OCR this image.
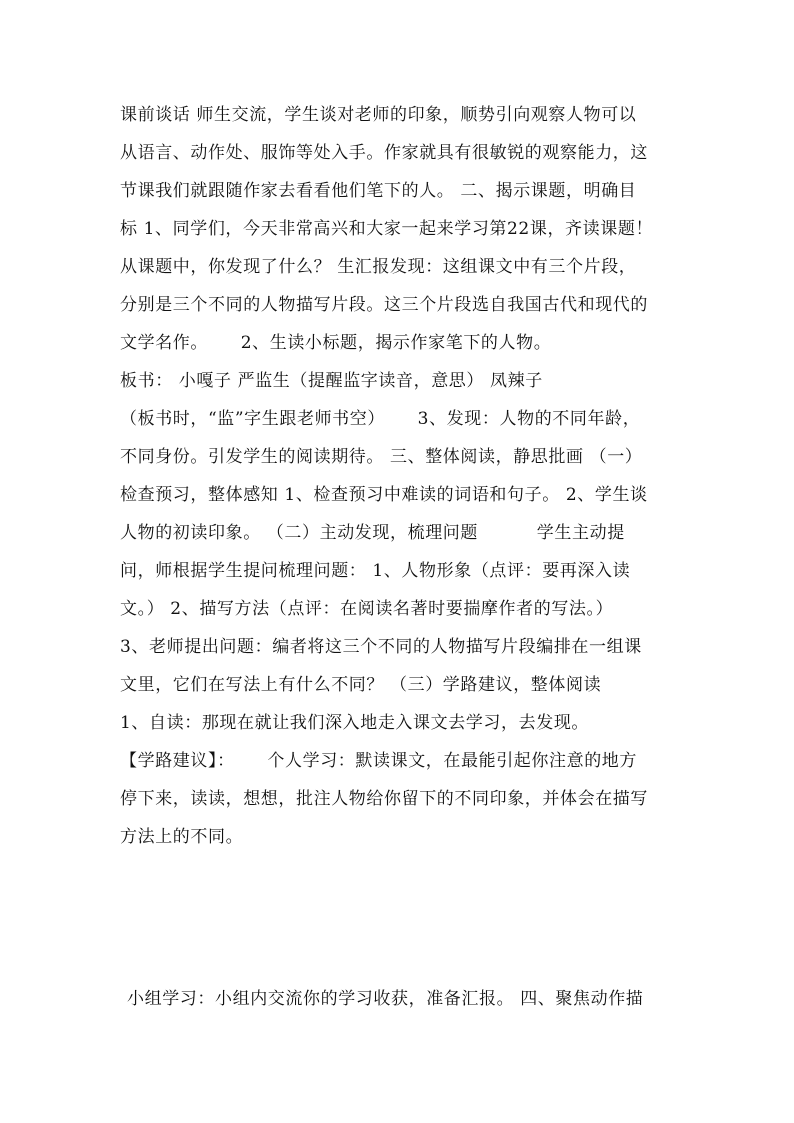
课前谈话 师生交流，学生谈对老师的印象，顺势引向观察人物可以
从语言、动作处、服饰等处入手。作家就具有很敏锐的观察能力，这
节课我们就跟随作家去看看他们笔下的人。 二、揭示课题，明确目
标 1、同学们，今天非常高兴和大家一起来学习第22课，齐读课题！
从课题中，你发现了什么？ 生汇报发现：这组课文中有三个片段，
分别是三个不同的人物描写片段。这三个片段选自我国古代和现代的
文学名作。　　 2、生读小标题，揭示作家笔下的人物。
板书： 小嘎子 严监生（提醒监字读音，意思） 凤辣子
（板书时，“监”字生跟老师书空）　　 3、发现：人物的不同年龄，
不同身份。引发学生的阅读期待。 三、整体阅读，静思批画 （一）
检查预习，整体感知 1、检查预习中难读的词语和句子。 2、学生谈
人物的初读印象。 （二）主动发现，梳理问题　　　 学生主动提
问，师根据学生提问梳理问题： 1、人物形象（点评：要再深入读
文。） 2、描写方法（点评：在阅读名著时要揣摩作者的写法。）
3、老师提出问题：编者将这三个不同的人物描写片段编排在一组课
文里，它们在写法上有什么不同？ （三）学路建议，整体阅读
1、自读：那现在就让我们深入地走入课文去学习，去发现。
【学路建议】：　　 个人学习：默读课文，在最能引起你注意的地方
停下来，读读，想想，批注人物给你留下的不同印象，并体会在描写
方法上的不同。
小组学习：小组内交流你的学习收获，准备汇报。 四、聚焦动作描
